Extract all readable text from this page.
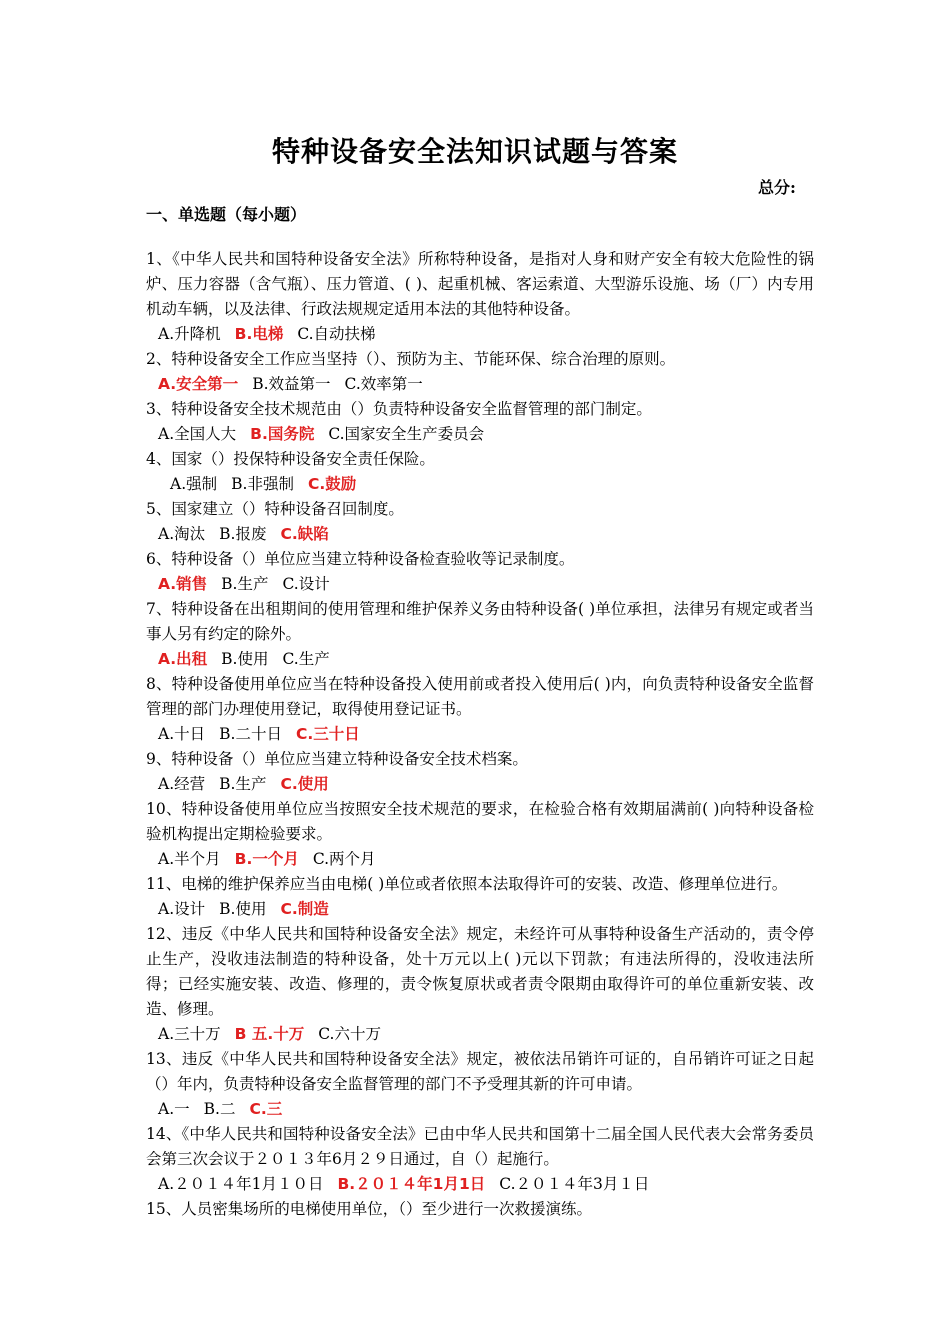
特种设备安全法知识试题与答案
总分:
一、单选题（每小题）
1、《中华人民共和国特种设备安全法》所称特种设备，是指对人身和财产安全有较大危险性的锅炉、压力容器（含气瓶）、压力管道、( )、起重机械、客运索道、大型游乐设施、场（厂）内专用机动车辆，以及法律、行政法规规定适用本法的其他特种设备。
A.升降机 B.电梯 C.自动扶梯
2、特种设备安全工作应当坚持（）、预防为主、节能环保、综合治理的原则。
A.安全第一 B.效益第一 C.效率第一
3、特种设备安全技术规范由（）负责特种设备安全监督管理的部门制定。
A.全国人大 B.国务院 C.国家安全生产委员会
4、国家（）投保特种设备安全责任保险。
A.强制 B.非强制 C.鼓励
5、国家建立（）特种设备召回制度。
A.淘汰 B.报废 C.缺陷
6、特种设备（）单位应当建立特种设备检查验收等记录制度。
A.销售 B.生产 C.设计
7、特种设备在出租期间的使用管理和维护保养义务由特种设备( )单位承担，法律另有规定或者当事人另有约定的除外。
A.出租 B.使用 C.生产
8、特种设备使用单位应当在特种设备投入使用前或者投入使用后( )内，向负责特种设备安全监督管理的部门办理使用登记，取得使用登记证书。
A.十日 B.二十日 C.三十日
9、特种设备（）单位应当建立特种设备安全技术档案。
A.经营 B.生产 C.使用
10、特种设备使用单位应当按照安全技术规范的要求，在检验合格有效期届满前( )向特种设备检验机构提出定期检验要求。
A.半个月 B.一个月 C.两个月
11、电梯的维护保养应当由电梯( )单位或者依照本法取得许可的安装、改造、修理单位进行。
A.设计 B.使用 C.制造
12、违反《中华人民共和国特种设备安全法》规定，未经许可从事特种设备生产活动的，责令停止生产，没收违法制造的特种设备，处十万元以上( )元以下罚款；有违法所得的，没收违法所得；已经实施安装、改造、修理的，责令恢复原状或者责令限期由取得许可的单位重新安装、改造、修理。
A.三十万 B 五.十万 C.六十万
13、违反《中华人民共和国特种设备安全法》规定，被依法吊销许可证的，自吊销许可证之日起（）年内，负责特种设备安全监督管理的部门不予受理其新的许可申请。
A.一 B.二 C.三
14、《中华人民共和国特种设备安全法》已由中华人民共和国第十二届全国人民代表大会常务委员会第三次会议于２０１３年6月２９日通过，自（）起施行。
A.２０１４年1月１０日 B.２０１４年1月1日 C.２０１４年3月１日
15、人员密集场所的电梯使用单位，（）至少进行一次救援演练。
